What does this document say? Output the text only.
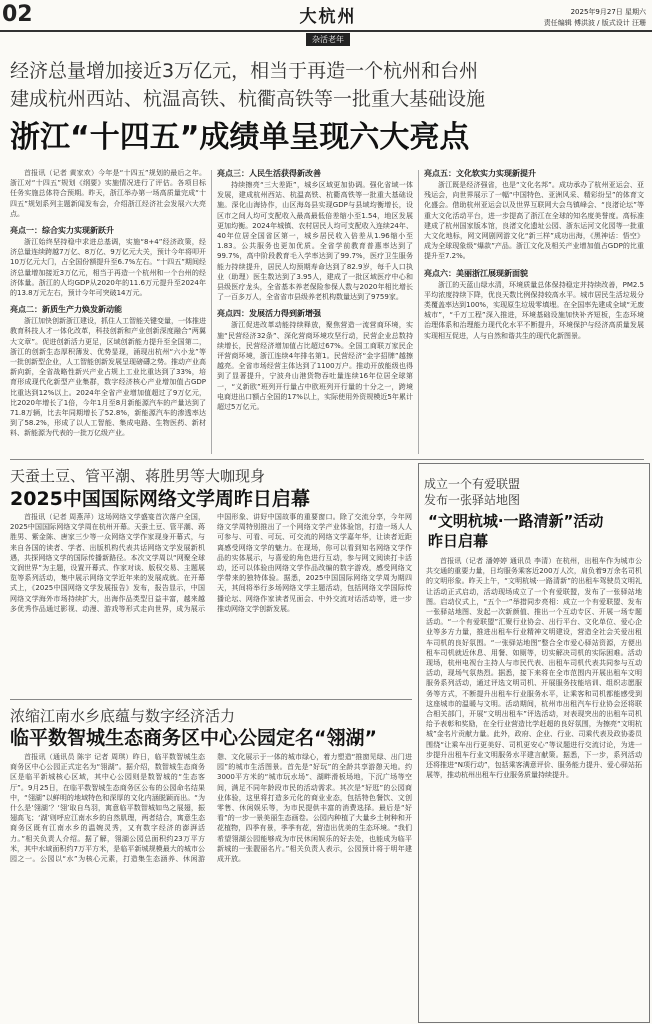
02	大杭州
杂活老年
2025年9月27日 星期六
责任编辑 傅洪波 / 版式设计 汪珊
经济总量增加接近3万亿元，相当于再造一个杭州和台州
建成杭州西站、杭温高铁、杭衢高铁等一批重大基础设施
浙江“十四五”成绩单呈现六大亮点
首报讯（记者 黄家欢）今年是“十四五”规划的最后之年。浙江对“十四五”规划《纲要》实施情况进行了评估。各项目标任务实施总体符合预期。昨天，浙江举办第一场高质量完成“十四五”规划系列主题新闻发布会，介绍浙江经济社会发展六大亮点。
亮点一：综合实力实现新跃升
浙江始终坚持稳中求进总基调，实施“8+4”经济政策，经济总量连续跨越7万亿、8万亿、9万亿元大关，预计今年将叩开10万亿元大门，占全国份额提升至6.7%左右。“十四五”期间经济总量增加接近3万亿元，相当于再造一个杭州和一个台州的经济体量。浙江的人均GDP从2020年的11.6万元提升至2024年的13.8万元左右，预计今年可突破14万元。
亮点二：新质生产力焕发新动能
浙江加快创新浙江建设，抓住人工智能关键变量，一体推进教育科技人才一体化改革，科技创新和产业创新深度融合“两翼大文章”。促进创新活力更足，区域创新能力提升至全国第二，浙江的创新生态厚积薄发、优势显现，涌现出杭州“六小龙”等一批创新型企业，人工智能创新发展呈现磅礴之势。推动产业高新向新，全省战略性新兴产业占规上工业比重达到了33%，培育形成现代化新型产业集群，数字经济核心产业增加值占GDP比重达到12%以上。2024年全省产业增加值超过了9万亿元，比2020年增长了1倍，今年1月至8月新能源汽车的产量达到了71.8万辆，比去年同期增长了52.8%，新能源汽车的渗透率达到了58.2%，形成了以人工智能、集成电路、生物医药、新材料、新能源为代表的一批万亿级产业。
亮点三：人民生活获得新改善
持续擦亮“三大差距”，城乡区域更加协调。强化省域一体发展，建成杭州西站、杭温高铁、杭衢高铁等一批重大基础设施。深化山海协作，山区海岛县实现GDP与县域均衡增长，设区市之间人均可支配收入最高最低倍差缩小至1.54，地区发展更加均衡。2024年城镇、农村居民人均可支配收入连续24年、40年位居全国省区第一，城乡居民收入倍差从1.96缩小至1.83。公共服务也更加优质。全省学前教育普惠率达到了99.7%，高中阶段教育毛入学率达到了99.7%，医疗卫生服务能力持续提升，居民人均预期寿命达到了82.9岁，每千人口执业（助理）医生数达到了3.95人，建成了一批区域医疗中心和县级医疗龙头，全省基本养老保险参保人数与2020年相比增长了一百多万人，全省省市县级养老机构数量达到了9759家。
亮点四：发展活力得到新增强
浙江促进改革动能持续释放，聚焦营造一流营商环境，实施“民营经济32条”、深化营商环境攻坚行动，民营企业总数持续增长，民营经济增加值占比超过67%。全国工商联万家民企评营商环境，浙江连续4年排名第1。民营经济“金字招牌”越擦越亮。全省市场经营主体达到了1100万户。推动开放能级也得到了显著提升，宁波舟山港货物吞吐量连续16年位居全球第一，“义新欧”班列开行量占中欧班列开行量的十分之一，跨境电商进出口额占全国的17%以上，实际使用外资规模近5年累计超过5万亿元。
亮点五：文化软实力实现新提升
浙江既是经济强省，也是“文化名邦”。成功承办了杭州亚运会、亚残运会，向世界展示了一幅“中国特色、亚洲风采、精彩纷呈”的体育文化盛会。借助杭州亚运会以及世界互联网大会乌镇峰会、“良渚论坛”等重大文化活动平台，进一步提高了浙江在全球的知名度美誉度。高标准建成了杭州国家版本馆，良渚文化遗址公园、浙东运河文化园等一批重大文化地标，网文网剧网游文化“新三样”成功出海，《黑神话：悟空》成为全球现象级“爆款”产品。浙江文化及相关产业增加值占GDP的比重提升至7.2%。
亮点六：美丽浙江展现新面貌
浙江的天蓝山绿水清，环境质量总体保持稳定并持续改善，PM2.5平均浓度持续下降，优良天数比例保持较高水平。城市居民生活垃圾分类覆盖率达到100%，实现原生垃圾零填埋。在全国率先建成全域“无废城市”，“千万工程”深入推进，环境基础设施加快补齐短板，生态环境治理体系和治理能力现代化水平不断提升，环境保护与经济高质量发展实现相互促进，人与自然和谐共生的现代化新图景。
天蚕土豆、管平潮、蒋胜男等大咖现身
2025中国国际网络文学周昨日启幕
首报讯（记者 周燕萍）这场网络文学盛宴首次落户全国，2025中国国际网络文学周在杭州开幕。天蚕土豆、管平潮、蒋胜男、紫金陈、唐家三少等一众网络文学作家现身开幕式，与来自各国的读者、学者、出版机构代表共话网络文学发展新机遇，共探网络文学的国际传播新路径。本次文学周以“网聚全球 文润世界”为主题，设置开幕式、作家对谈、版权交易、主题展览等系列活动，集中展示网络文学近年来的发展成就。在开幕式上，《2025中国网络文学发展报告》发布，报告显示，中国网络文学海外市场持续扩大，出海作品类型日益丰富，越来越多优秀作品通过影视、动漫、游戏等形式走向世界，成为展示中国形象、讲好中国故事的重要窗口。除了交流分享，今年网络文学周特别推出了一个网络文学产业体验馆，打造一场人人可参与、可看、可玩、可交流的网络文学嘉年华，让读者近距离感受网络文学的魅力。在现场，你可以看到知名网络文学作品的实体展示，与喜爱的角色进行互动，参与网文阅读打卡活动，还可以体验由网络文学作品改编的数字游戏，感受网络文学带来的独特体验。据悉，2025中国国际网络文学周为期四天，其间将举行多场网络文学主题活动，包括网络文学国际传播论坛、网络作家读者见面会、中外交流对话活动等，进一步推动网络文学创新发展。
浓缩江南水乡底蕴与数字经济活力
临平数智城生态商务区中心公园定名“翎湖”
首报讯（通讯员 陈宇 记者 周琪）昨日，临平数智城生态商务区中心公园正式定名为“翎湖”。据介绍，数智城生态商务区是临平新城核心区域，其中心公园则是数智城的“生态客厅”。9月25日，在临平数智城生态商务区公布的公园命名结果中，“翎湖”以鲜明的地域特色和深厚的文化内涵脱颖而出。“为什么是‘翎湖’？‘翎’取自鸟羽，寓意临平数智城如鸟之展翅，振翅高飞；‘湖’则呼应江南水乡的自然肌理，两者结合，寓意生态商务区既有江南水乡的温婉灵秀，又有数字经济的澎湃活力。”相关负责人介绍。据了解，翎湖公园总面积约23万平方米，其中水域面积约7万平方米，是临平新城规模最大的城市公园之一。公园以“水”为核心元素，打造集生态涵养、休闲游憩、文化展示于一体的城市绿心，着力塑造“推窗见绿、出门进园”的城市生活图景。首先是“好玩”的全龄共享游憩天地。约3000平方米的“城市玩水场”、湖畔滑板场地，下沉广场等空间，满足不同年龄段市民的活动需求。其次是“好逛”的公园商业体验，这里将打造多元化的商业业态，包括特色餐饮、文创零售、休闲娱乐等，为市民提供丰富的消费选择。最后是“好看”的一步一景美丽生态画卷。公园内种植了大量乡土树种和开花植物，四季有景，季季有花，营造出优美的生态环境。“我们希望翎湖公园能够成为市民休闲娱乐的好去处，也能成为临平新城的一张靓丽名片。”相关负责人表示，公园预计将于明年建成开放。
成立一个有爱联盟
发布一张驿站地图
“文明杭城·一路清新”活动
昨日启幕
首报讯（记者 潘婷婷 通讯员 李清）在杭州，出租车作为城市公共交通的重要力量，日均服务乘客近200万人次，肩负着9万余名司机的文明形象。昨天上午，“文明杭城·一路清新”的出租车驾驶员文明礼让活动正式启动，活动现场成立了一个有爱联盟，发布了一张驿站地图。启动仪式上，“五个一”举措同步亮相：成立一个有爱联盟、发布一张驿站地图、发起一次新颜值、推出一个互动专区、开展一场专题活动。“一个有爱联盟”汇聚行业协会、出行平台、文化单位、爱心企业等多方力量，推进出租车行业精神文明建设，营造全社会关爱出租车司机的良好氛围。“一张驿站地图”整合全市爱心驿站资源，方便出租车司机就近休息、用餐、如厕等，切实解决司机的实际困难。活动现场，杭州电视台主持人与市民代表、出租车司机代表共同参与互动活动，现场气氛热烈。据悉，接下来将在全市范围内开展出租车文明服务系列活动，通过评选文明司机、开展服务技能培训、组织志愿服务等方式，不断提升出租车行业服务水平，让乘客和司机都能感受到这座城市的温暖与文明。活动期间，杭州市出租汽车行业协会还将联合相关部门，开展“文明出租车”评选活动，对表现突出的出租车司机给予表彰和奖励，在全行业营造比学赶超的良好氛围，为擦亮“文明杭城”金名片贡献力量。此外，政府、企业、行业、司乘代表及政协委员围绕“让乘车出行更美好、司机更安心”等议题进行交流讨论，为进一步提升出租车行业文明服务水平建言献策。据悉，下一步，系列活动还将推进“N项行动”，包括乘客满意评价、服务能力提升、爱心驿站拓展等，推动杭州出租车行业服务质量持续提升。
